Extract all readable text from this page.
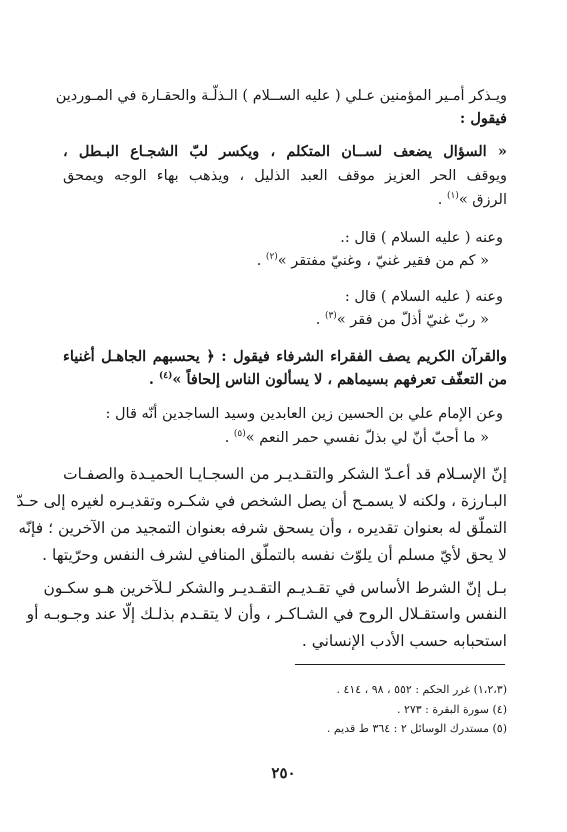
ويـذكر أمـير المؤمنين عـلي ( عليه الســلام ) الـذلّـة والحقـارة في المـوردين
فيقول :
« السؤال يضعف لســان المتكلم ، ويكسر لبّ الشجـاع البـطل ،
ويوقف الحر العزيز موقف العبد الذليل ، ويذهب بهاء الوجه ويمحق
الرزق »$^{(١)}$ .
وعنه ( عليه السلام ) قال :.
« كم من فقير غنيّ ، وغنيّ مفتقر »$^{(٢)}$ .
وعنه ( عليه السلام ) قال :
« ربّ غنيّ أذلّ من فقر »$^{(٣)}$ .
والقرآن الكريم يصف الفقراء الشرفاء فيقول : ﴿ يحسبهم الجاهـل أغنياء
من التعفّف تعرفهم بسيماهم ، لا يسألون الناس إلحافاً »$^{(٤)}$ .
وعن الإمام علي بن الحسين زين العابدين وسيد الساجدين أنّه قال :
« ما أحبّ أنّ لي بذلّ نفسي حمر النعم »$^{(٥)}$ .
إنّ الإسـلام قد أعـدّ الشكر والتقـديـر من السجـايـا الحميـدة والصفـات
البـارزة ، ولكنه لا يسمـح أن يصل الشخص في شكـره وتقديـره لغيره إلى حـدّ
التملّق له بعنوان تقديره ، وأن يسحق شرفه بعنوان التمجيد من الآخرين ؛ فإنّه
لا يحق لأيّ مسلم أن يلوّث نفسه بالتملّق المنافي لشرف النفس وحرّيتها .
بـل إنّ الشرط الأساس في تقـديـم التقـديـر والشكر لـلآخرين هـو سكـون
النفس واستقـلال الروح في الشـاكـر ، وأن لا يتقـدم بذلـك إلّا عند وجـوبـه أو
استحبابه حسب الأدب الإنساني .
(١،٢،٣) غرر الحكم : ٥٥٢ ، ٩٨ ، ٤١٤ .
(٤) سورة البقرة : ٢٧٣ .
(٥) مستدرك الوسائل ٢ : ٣٦٤ ط قديم .
٢٥٠
